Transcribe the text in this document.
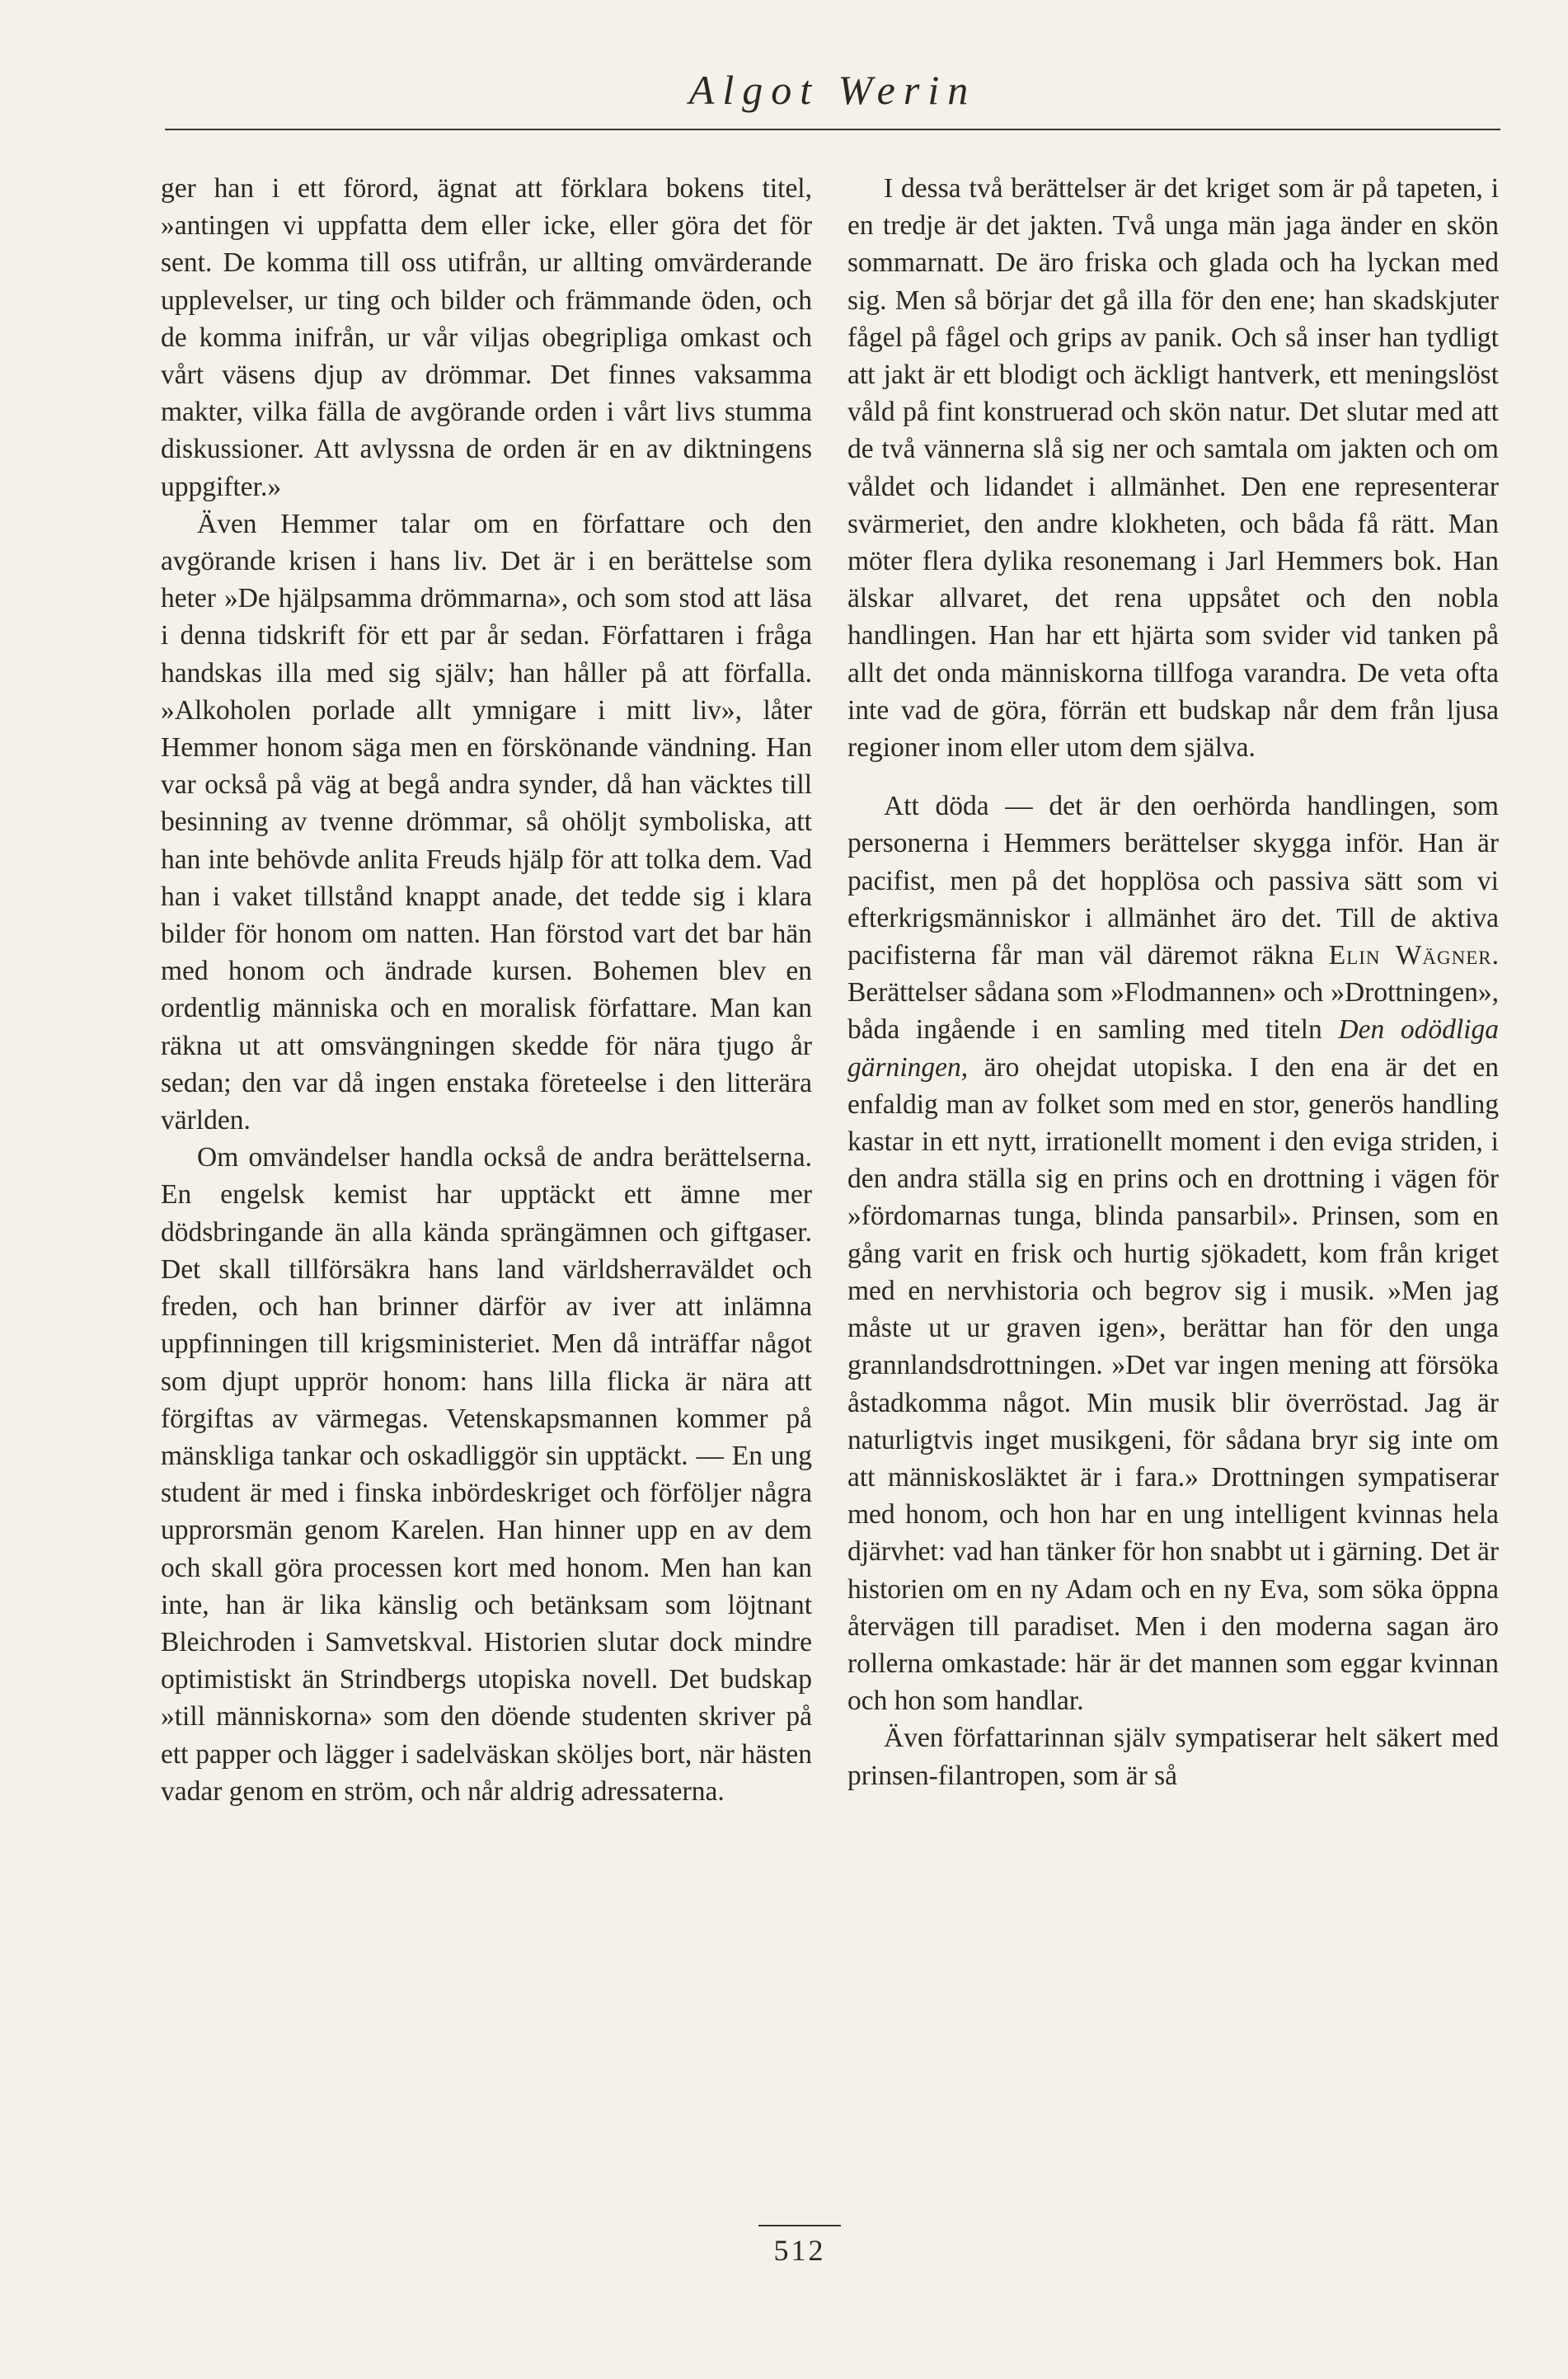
Algot Werin

ger han i ett förord, ägnat att förklara bokens titel, »antingen vi uppfatta dem eller icke, eller göra det för sent. De komma till oss utifrån, ur allting omvärderande upplevelser, ur ting och bilder och främmande öden, och de komma inifrån, ur vår viljas obegripliga omkast och vårt väsens djup av drömmar. Det finnes vaksamma makter, vilka fälla de avgörande orden i vårt livs stumma diskussioner. Att avlyssna de orden är en av diktningens uppgifter.»

Även Hemmer talar om en författare och den avgörande krisen i hans liv. Det är i en berättelse som heter »De hjälpsamma drömmarna», och som stod att läsa i denna tidskrift för ett par år sedan. Författaren i fråga handskas illa med sig själv; han håller på att förfalla. »Alkoholen porlade allt ymnigare i mitt liv», låter Hemmer honom säga men en förskönande vändning. Han var också på väg at begå andra synder, då han väcktes till besinning av tvenne drömmar, så ohöljt symboliska, att han inte behövde anlita Freuds hjälp för att tolka dem. Vad han i vaket tillstånd knappt anade, det tedde sig i klara bilder för honom om natten. Han förstod vart det bar hän med honom och ändrade kursen. Bohemen blev en ordentlig människa och en moralisk författare. Man kan räkna ut att omsvängningen skedde för nära tjugo år sedan; den var då ingen enstaka företeelse i den litterära världen.

Om omvändelser handla också de andra berättelserna. En engelsk kemist har upptäckt ett ämne mer dödsbringande än alla kända sprängämnen och giftgaser. Det skall tillförsäkra hans land världsherraväldet och freden, och han brinner därför av iver att inlämna uppfinningen till krigsministeriet. Men då inträffar något som djupt upprör honom: hans lilla flicka är nära att förgiftas av värmegas. Vetenskapsmannen kommer på mänskliga tankar och oskadliggör sin upptäckt. — En ung student är med i finska inbördeskriget och förföljer några upprorsmän genom Karelen. Han hinner upp en av dem och skall göra processen kort med honom. Men han kan inte, han är lika känslig och betänksam som löjtnant Bleichroden i Samvetskval. Historien slutar dock mindre optimistiskt än Strindbergs utopiska novell. Det budskap »till människorna» som den döende studenten skriver på ett papper och lägger i sadelväskan sköljes bort, när hästen vadar genom en ström, och når aldrig adressaterna.

I dessa två berättelser är det kriget som är på tapeten, i en tredje är det jakten. Två unga män jaga änder en skön sommarnatt. De äro friska och glada och ha lyckan med sig. Men så börjar det gå illa för den ene; han skadskjuter fågel på fågel och grips av panik. Och så inser han tydligt att jakt är ett blodigt och äckligt hantverk, ett meningslöst våld på fint konstruerad och skön natur. Det slutar med att de två vännerna slå sig ner och samtala om jakten och om våldet och lidandet i allmänhet. Den ene representerar svärmeriet, den andre klokheten, och båda få rätt. Man möter flera dylika resonemang i Jarl Hemmers bok. Han älskar allvaret, det rena uppsåtet och den nobla handlingen. Han har ett hjärta som svider vid tanken på allt det onda människorna tillfoga varandra. De veta ofta inte vad de göra, förrän ett budskap når dem från ljusa regioner inom eller utom dem själva.

Att döda — det är den oerhörda handlingen, som personerna i Hemmers berättelser skygga inför. Han är pacifist, men på det hopplösa och passiva sätt som vi efterkrigsmänniskor i allmänhet äro det. Till de aktiva pacifisterna får man väl däremot räkna Elin Wägner. Berättelser sådana som »Flodmannen» och »Drottningen», båda ingående i en samling med titeln Den odödliga gärningen, äro ohejdat utopiska. I den ena är det en enfaldig man av folket som med en stor, generös handling kastar in ett nytt, irrationellt moment i den eviga striden, i den andra ställa sig en prins och en drottning i vägen för »fördomarnas tunga, blinda pansarbil». Prinsen, som en gång varit en frisk och hurtig sjökadett, kom från kriget med en nervhistoria och begrov sig i musik. »Men jag måste ut ur graven igen», berättar han för den unga grannlandsdrottningen. »Det var ingen mening att försöka åstadkomma något. Min musik blir överröstad. Jag är naturligtvis inget musikgeni, för sådana bryr sig inte om att människosläktet är i fara.» Drottningen sympatiserar med honom, och hon har en ung intelligent kvinnas hela djärvhet: vad han tänker för hon snabbt ut i gärning. Det är historien om en ny Adam och en ny Eva, som söka öppna återvägen till paradiset. Men i den moderna sagan äro rollerna omkastade: här är det mannen som eggar kvinnan och hon som handlar.

Även författarinnan själv sympatiserar helt säkert med prinsen-filantropen, som är så

512
